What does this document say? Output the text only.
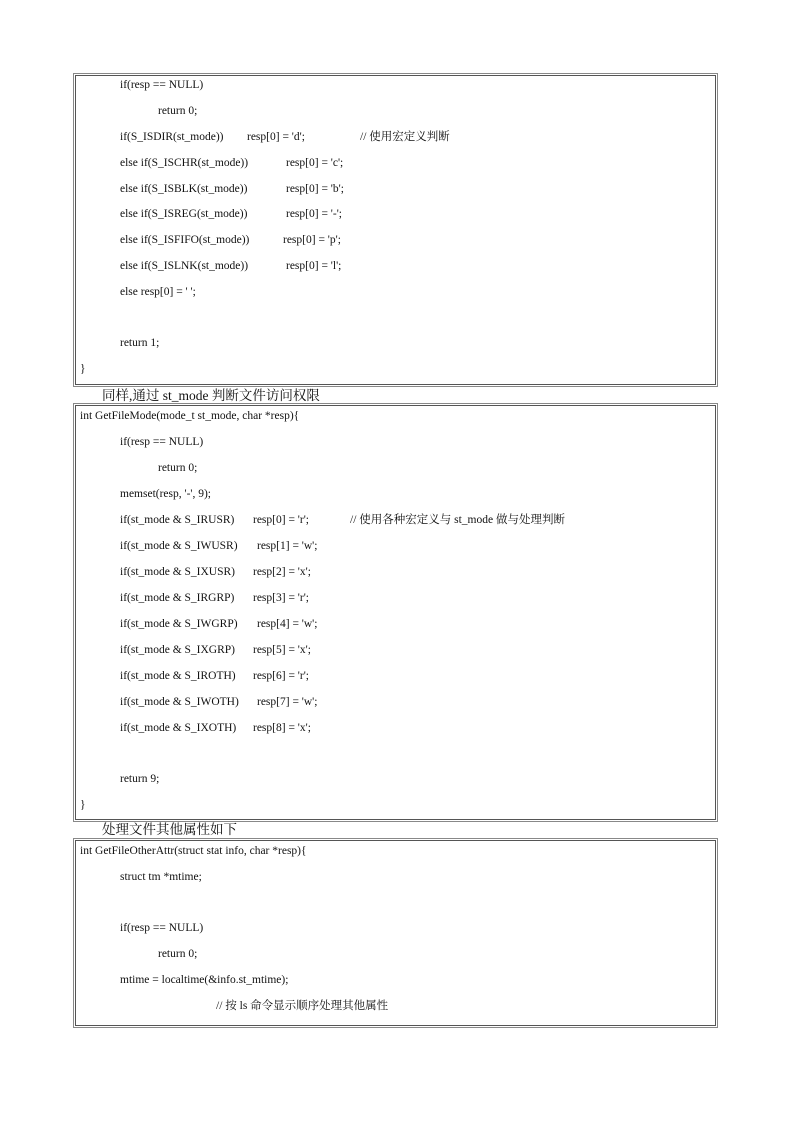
if(resp == NULL)
return 0;

if(S_ISDIR(st_mode))

resp[0] = 'd';

	// 使用宏定义判断

else if(S_ISCHR(st_mode))

	resp[0] = 'c';

else if(S_ISBLK(st_mode))

	resp[0] = 'b';

else if(S_ISREG(st_mode))

	resp[0] = '-';

else if(S_ISFIFO(st_mode))

	resp[0] = 'p';

else if(S_ISLNK(st_mode))

	resp[0] = 'l';

else resp[0] = ' ';
return 1;
}
同样,通过 st_mode 判断文件访问权限
int GetFileMode(mode_t st_mode, char *resp){
if(resp == NULL)
return 0;
memset(resp, '-', 9);

if(st_mode & S_IRUSR)

resp[0] = 'r';

	// 使用各种宏定义与 st_mode 做与处理判断

if(st_mode & S_IWUSR)

resp[1] = 'w';

if(st_mode & S_IXUSR)

resp[2] = 'x';

if(st_mode & S_IRGRP)

resp[3] = 'r';

if(st_mode & S_IWGRP)

resp[4] = 'w';

if(st_mode & S_IXGRP)

resp[5] = 'x';

if(st_mode & S_IROTH)

resp[6] = 'r';

if(st_mode & S_IWOTH)

resp[7] = 'w';

if(st_mode & S_IXOTH)

resp[8] = 'x';

return 9;
}
处理文件其他属性如下
int GetFileOtherAttr(struct stat info, char *resp){
struct tm *mtime;
if(resp == NULL)
return 0;
mtime = localtime(&info.st_mtime);
// 按 ls 命令显示顺序处理其他属性
